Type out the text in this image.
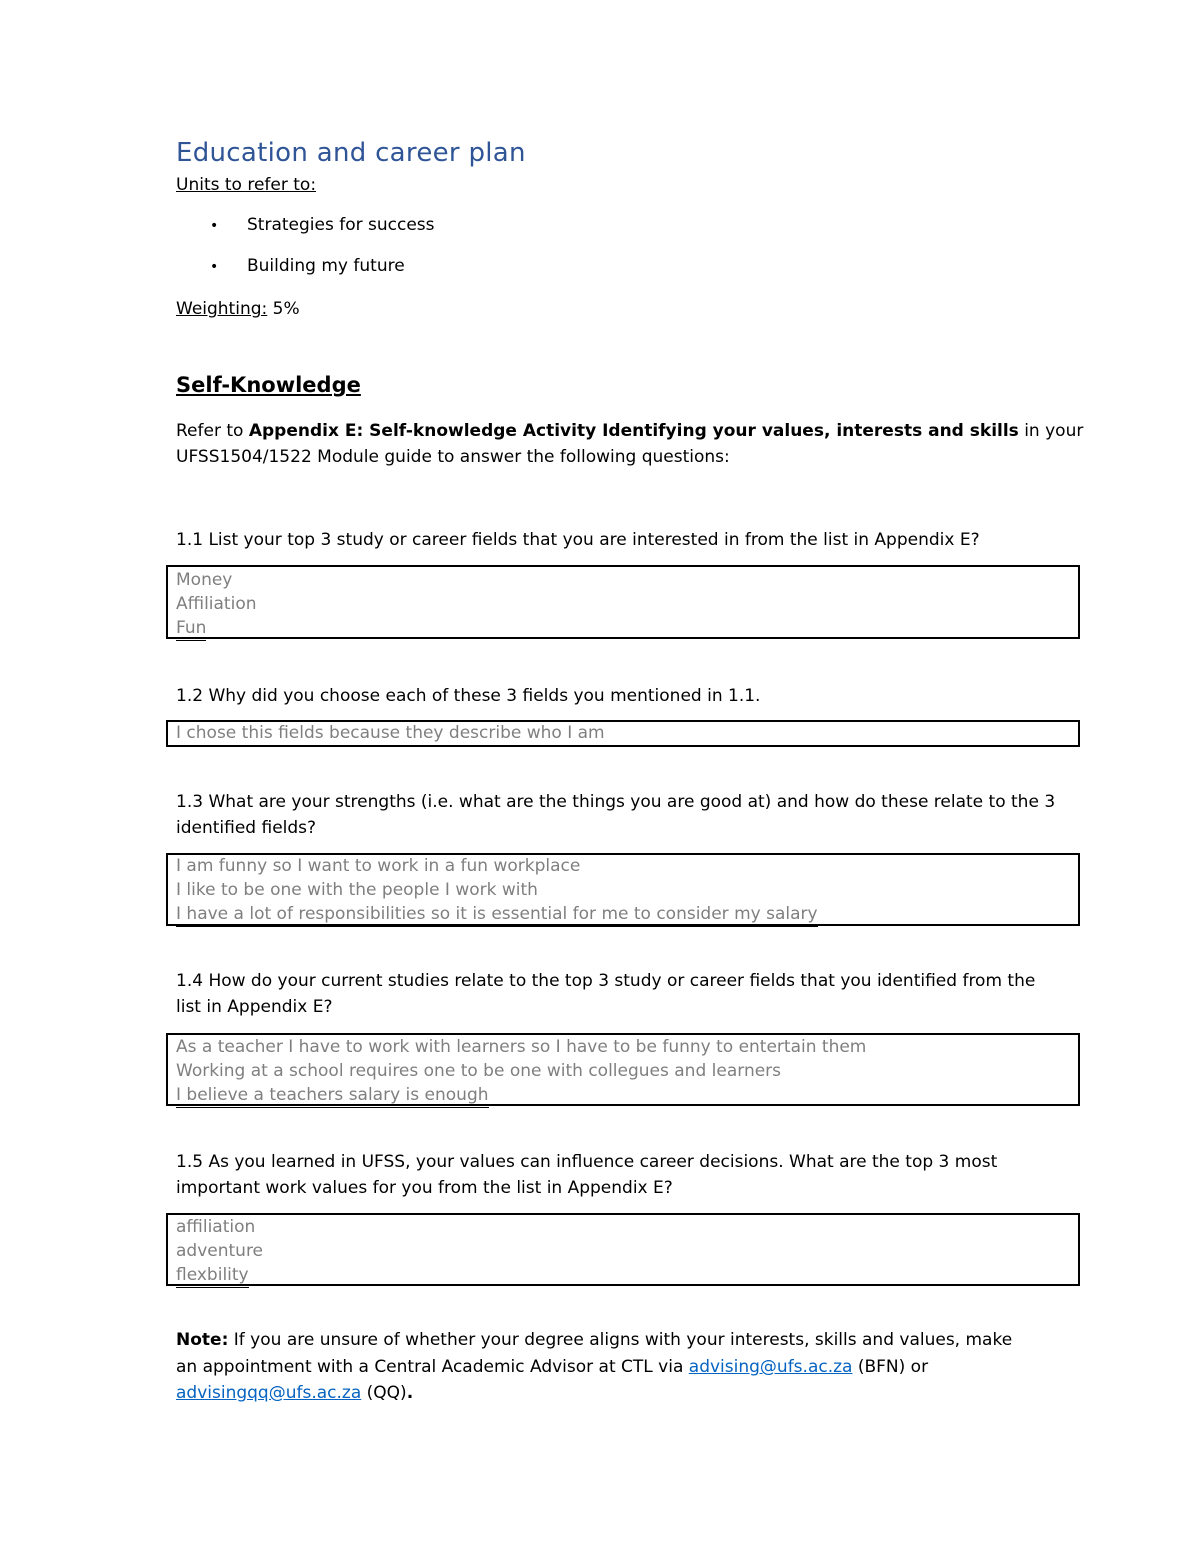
Education and career plan
Units to refer to:
• Strategies for success
• Building my future
Weighting: 5%
Self-Knowledge
Refer to Appendix E: Self-knowledge Activity Identifying your values, interests and skills in your
UFSS1504/1522 Module guide to answer the following questions:
1.1 List your top 3 study or career fields that you are interested in from the list in Appendix E?
Money
Affiliation
Fun
1.2 Why did you choose each of these 3 fields you mentioned in 1.1.
I chose this fields because they describe who I am
1.3 What are your strengths (i.e. what are the things you are good at) and how do these relate to the 3 identified fields?
I am funny so I want to work in a fun workplace
I like to be one with the people I work with
I have a lot of responsibilities so it is essential for me to consider my salary
1.4 How do your current studies relate to the top 3 study or career fields that you identified from the list in Appendix E?
As a teacher I have to work with learners so I have to be funny to entertain them
Working at a school requires one to be one with collegues and learners
I believe a teachers salary is enough
1.5 As you learned in UFSS, your values can influence career decisions. What are the top 3 most important work values for you from the list in Appendix E?
affiliation
adventure
flexbility
Note: If you are unsure of whether your degree aligns with your interests, skills and values, make
an appointment with a Central Academic Advisor at CTL via advising@ufs.ac.za (BFN) or
advisingqq@ufs.ac.za (QQ).
